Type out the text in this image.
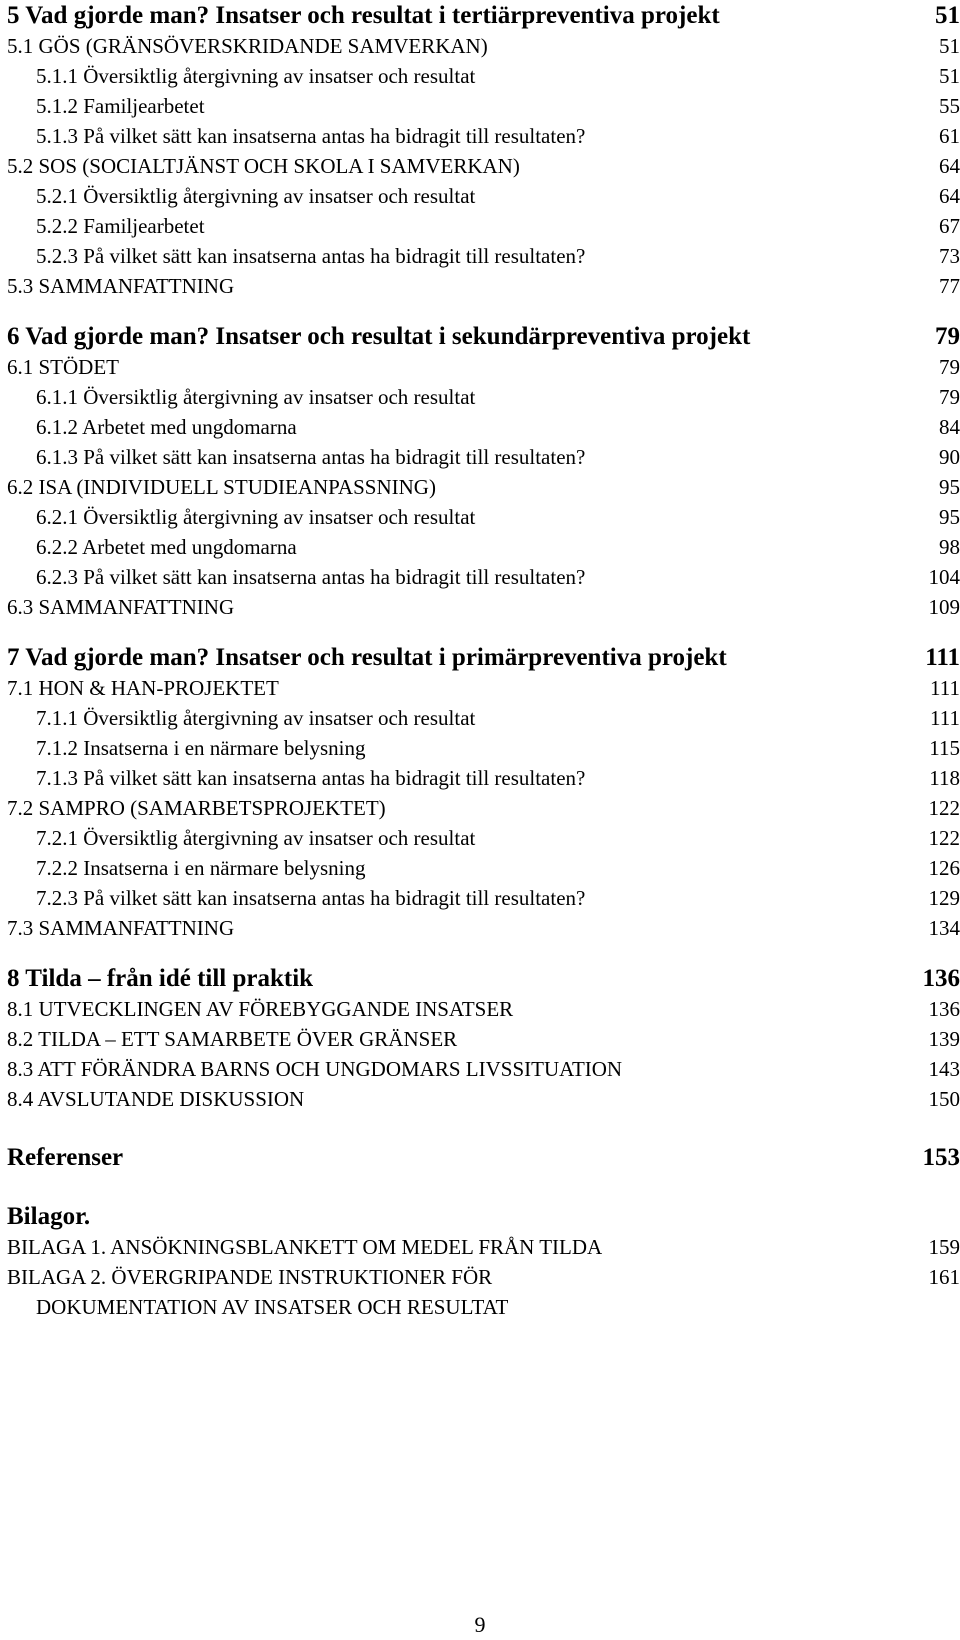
5 Vad gjorde man? Insatser och resultat i tertiärpreventiva projekt	51
5.1 GÖS (GRÄNSÖVERSKRIDANDE SAMVERKAN)	51
5.1.1 Översiktlig återgivning av insatser och resultat	51
5.1.2 Familjearbetet	55
5.1.3 På vilket sätt kan insatserna antas ha bidragit till resultaten?	61
5.2 SOS (SOCIALTJÄNST OCH SKOLA I SAMVERKAN)	64
5.2.1 Översiktlig återgivning av insatser och resultat	64
5.2.2 Familjearbetet	67
5.2.3 På vilket sätt kan insatserna antas ha bidragit till resultaten?	73
5.3 SAMMANFATTNING	77
6 Vad gjorde man? Insatser och resultat i sekundärpreventiva projekt	79
6.1 STÖDET	79
6.1.1 Översiktlig återgivning av insatser och resultat	79
6.1.2 Arbetet med ungdomarna	84
6.1.3 På vilket sätt kan insatserna antas ha bidragit till resultaten?	90
6.2 ISA (INDIVIDUELL STUDIEANPASSNING)	95
6.2.1 Översiktlig återgivning av insatser och resultat	95
6.2.2 Arbetet med ungdomarna	98
6.2.3 På vilket sätt kan insatserna antas ha bidragit till resultaten?	104
6.3 SAMMANFATTNING	109
7 Vad gjorde man? Insatser och resultat i primärpreventiva projekt	111
7.1 HON & HAN-PROJEKTET	111
7.1.1 Översiktlig återgivning av insatser och resultat	111
7.1.2 Insatserna i en närmare belysning	115
7.1.3 På vilket sätt kan insatserna antas ha bidragit till resultaten?	118
7.2 SAMPRO (SAMARBETSPROJEKTET)	122
7.2.1 Översiktlig återgivning av insatser och resultat	122
7.2.2 Insatserna i en närmare belysning	126
7.2.3 På vilket sätt kan insatserna antas ha bidragit till resultaten?	129
7.3 SAMMANFATTNING	134
8 Tilda – från idé till praktik	136
8.1 UTVECKLINGEN AV FÖREBYGGANDE INSATSER	136
8.2 TILDA – ETT SAMARBETE ÖVER GRÄNSER	139
8.3 ATT FÖRÄNDRA BARNS OCH UNGDOMARS LIVSSITUATION	143
8.4 AVSLUTANDE DISKUSSION	150
Referenser	153
Bilagor.
BILAGA 1. ANSÖKNINGSBLANKETT OM MEDEL FRÅN TILDA	159
BILAGA 2. ÖVERGRIPANDE INSTRUKTIONER FÖR	161
DOKUMENTATION AV INSATSER OCH RESULTAT
9
